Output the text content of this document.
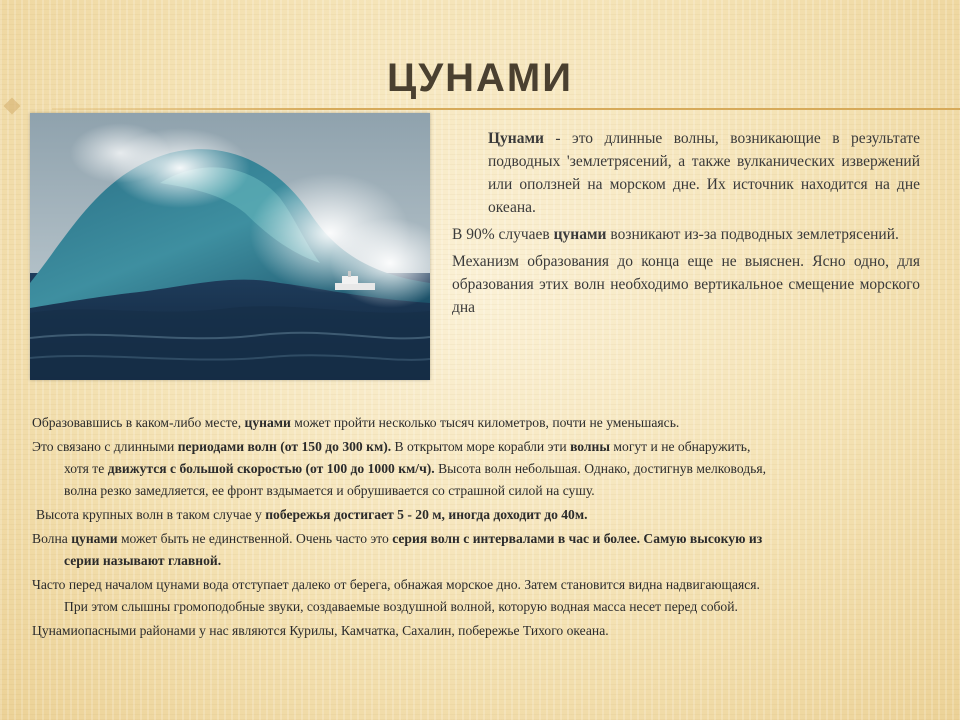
ЦУНАМИ

Цунами - это длинные волны, возникающие в результате подводных 'землетрясений, а также вулканических извержений или оползней на морском дне. Их источник находится на дне океана.

В 90% случаев цунами возникают из-за подводных землетрясений.

Механизм образования до конца еще не выяснен. Ясно одно, для образования этих волн необходимо вертикальное смещение морского дна

Образовавшись в каком-либо месте, цунами может пройти несколько тысяч километров, почти не уменьшаясь.

Это связано с длинными периодами волн (от 150 до 300 км). В открытом море корабли эти волны могут и не обнаружить,
хотя те движутся с большой скоростью (от 100 до 1000 км/ч). Высота волн небольшая. Однако, достигнув мелководья,
волна резко замедляется, ее фронт вздымается и обрушивается со страшной силой на сушу.

Высота крупных волн в таком случае у побережья достигает 5 - 20 м, иногда доходит до 40м.

Волна цунами может быть не единственной. Очень часто это серия волн с интервалами в час и более. Самую высокую из
серии называют главной.

Часто перед началом цунами вода отступает далеко от берега, обнажая морское дно. Затем становится видна надвигающаяся.
При этом слышны громоподобные звуки, создаваемые воздушной волной, которую водная масса несет перед собой.

Цунамиопасными районами у нас являются Курилы, Камчатка, Сахалин, побережье Тихого океана.
